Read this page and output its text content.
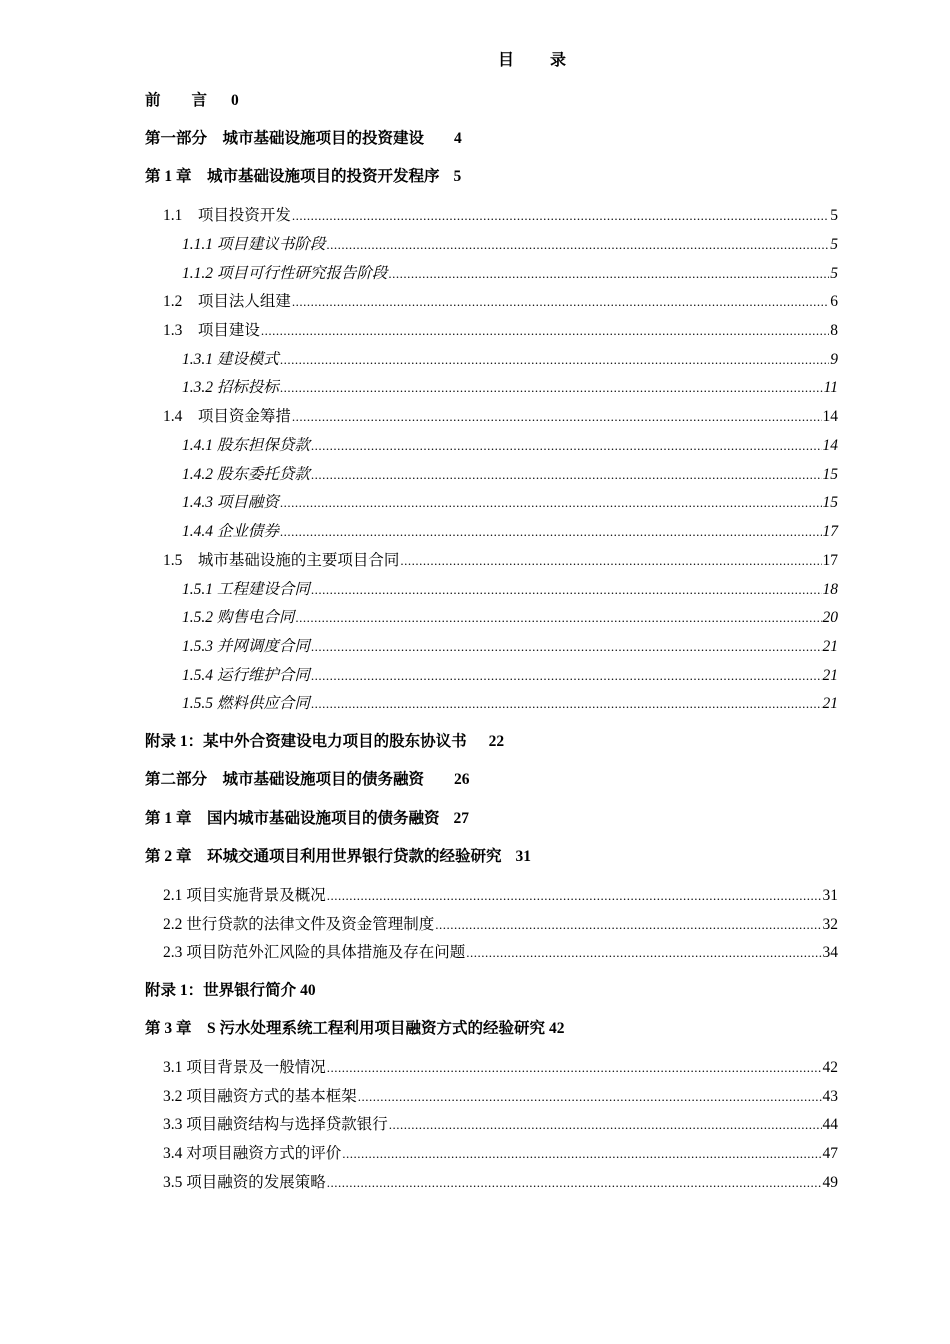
目 录
前　　言 0
第一部分　城市基础设施项目的投资建设 4
第 1 章　城市基础设施项目的投资开发程序 5
1.1　项目投资开发 .....	5
1.1.1 项目建议书阶段 .....	5
1.1.2 项目可行性研究报告阶段 .....	5
1.2　项目法人组建 .....	6
1.3　项目建设 .....	8
1.3.1 建设模式 .....	9
1.3.2 招标投标 .....	11
1.4　项目资金筹措 .....	14
1.4.1 股东担保贷款 .....	14
1.4.2 股东委托贷款 .....	15
1.4.3 项目融资 .....	15
1.4.4 企业债券 .....	17
1.5　城市基础设施的主要项目合同 .....	17
1.5.1 工程建设合同 .....	18
1.5.2 购售电合同 .....	20
1.5.3 并网调度合同 .....	21
1.5.4 运行维护合同 .....	21
1.5.5 燃料供应合同 .....	21
附录 1：某中外合资建设电力项目的股东协议书 22
第二部分　城市基础设施项目的债务融资 26
第 1 章　国内城市基础设施项目的债务融资 27
第 2 章　环城交通项目利用世界银行贷款的经验研究 31
2.1 项目实施背景及概况 .....	31
2.2 世行贷款的法律文件及资金管理制度 .....	32
2.3 项目防范外汇风险的具体措施及存在问题 .....	34
附录 1：世界银行简介 40
第 3 章　S 污水处理系统工程利用项目融资方式的经验研究 42
3.1 项目背景及一般情况 .....	42
3.2 项目融资方式的基本框架 .....	43
3.3 项目融资结构与选择贷款银行 .....	44
3.4 对项目融资方式的评价 .....	47
3.5 项目融资的发展策略 .....	49
